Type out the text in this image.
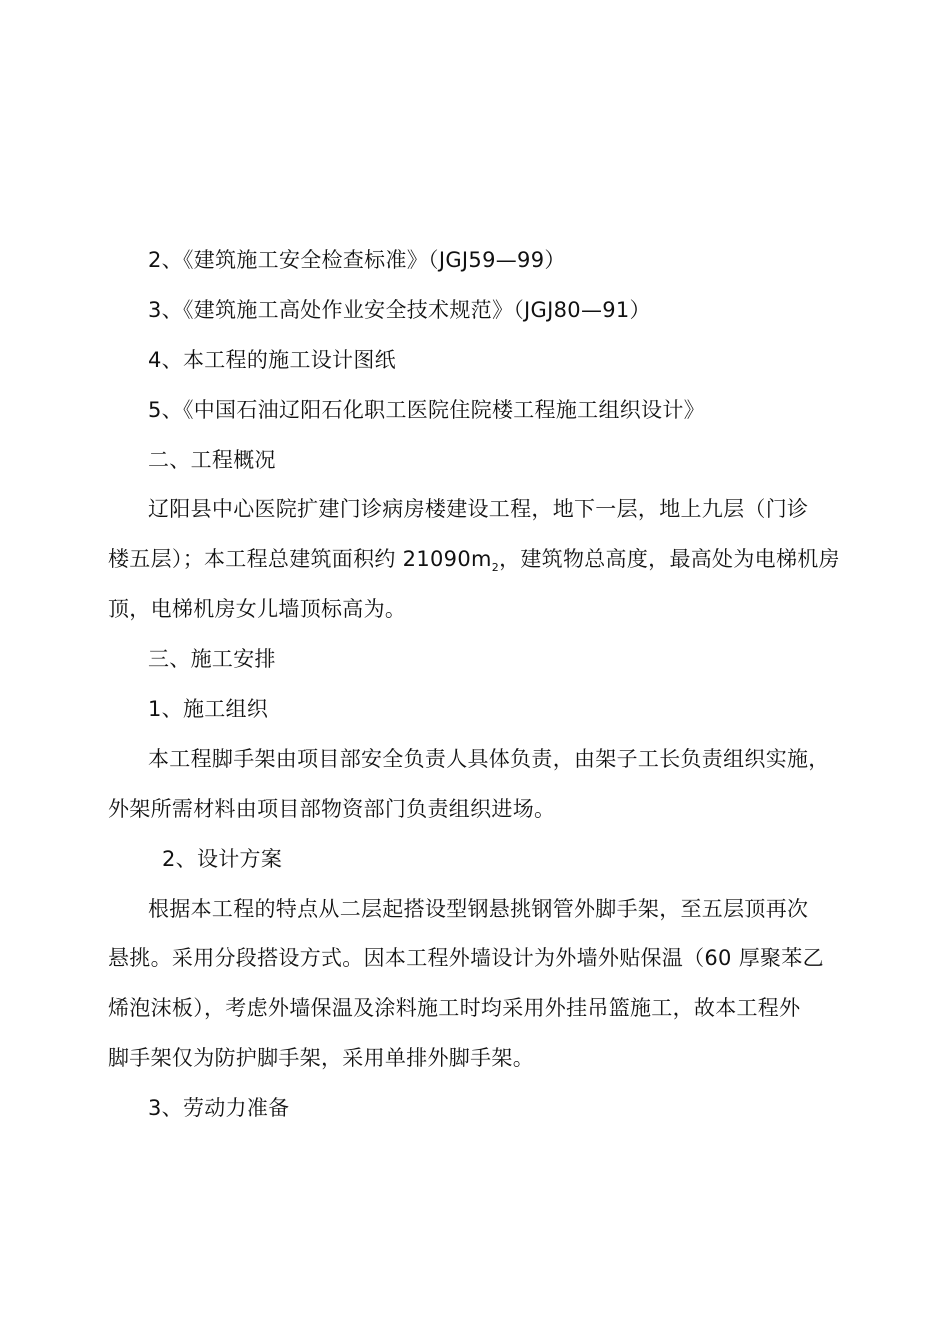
2、《建筑施工安全检查标准》（JGJ59—99）
3、《建筑施工高处作业安全技术规范》（JGJ80—91）
4、本工程的施工设计图纸
5、《中国石油辽阳石化职工医院住院楼工程施工组织设计》
二、工程概况
辽阳县中心医院扩建门诊病房楼建设工程，地下一层，地上九层（门诊
楼五层）；本工程总建筑面积约 $21090m_2$，建筑物总高度，最高处为电梯机房
顶，电梯机房女儿墙顶标高为。
三、施工安排
1、施工组织
本工程脚手架由项目部安全负责人具体负责，由架子工长负责组织实施，
外架所需材料由项目部物资部门负责组织进场。
2、设计方案
根据本工程的特点从二层起搭设型钢悬挑钢管外脚手架，至五层顶再次
悬挑。采用分段搭设方式。因本工程外墙设计为外墙外贴保温（60 厚聚苯乙
烯泡沫板），考虑外墙保温及涂料施工时均采用外挂吊篮施工，故本工程外
脚手架仅为防护脚手架，采用单排外脚手架。
3、劳动力准备
